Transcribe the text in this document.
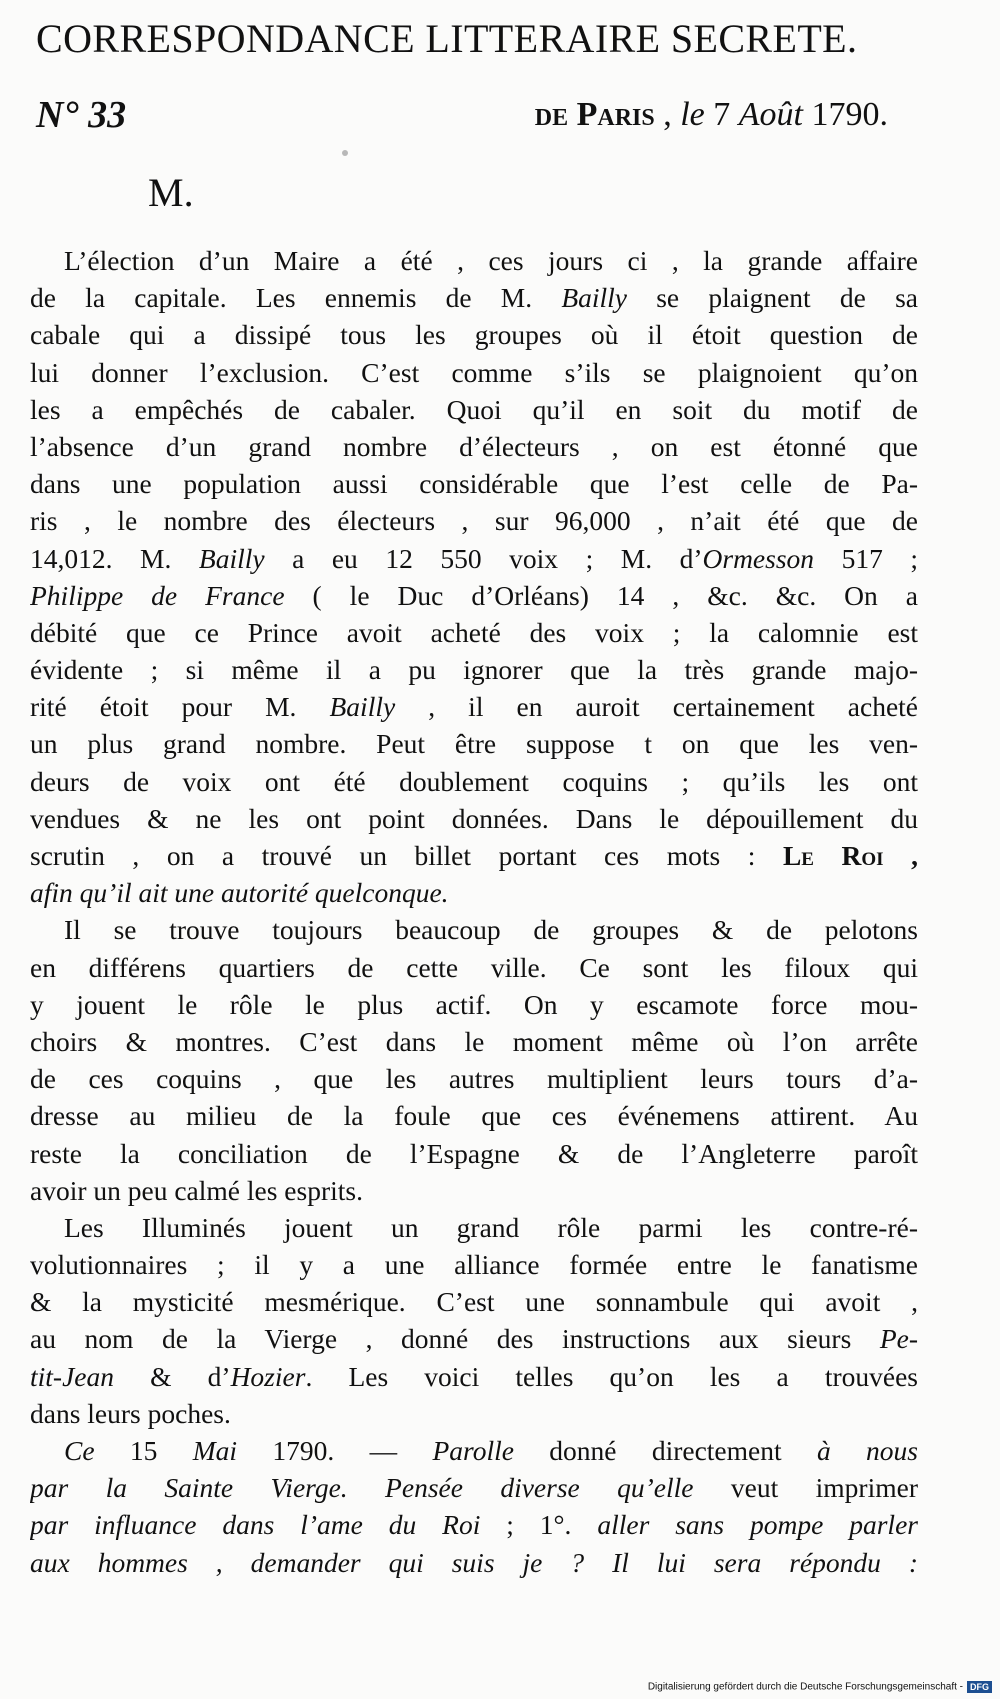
CORRESPONDANCE LITTERAIRE SECRETE.
N° 33	de Paris , le 7 Août 1790.
M.
L’élection d’un Maire a été , ces jours ci , la grande affaire
de la capitale. Les ennemis de M. Bailly se plaignent de sa
cabale qui a dissipé tous les groupes où il étoit question de
lui donner l’exclusion. C’est comme s’ils se plaignoient qu’on
les a empêchés de cabaler. Quoi qu’il en soit du motif de
l’absence d’un grand nombre d’électeurs , on est étonné que
dans une population aussi considérable que l’est celle de Pa-
ris , le nombre des électeurs , sur 96,000 , n’ait été que de
14,012. M. Bailly a eu 12 550 voix ; M. d’Ormesson 517 ;
Philippe de France ( le Duc d’Orléans) 14 , &c. &c. On a
débité que ce Prince avoit acheté des voix ; la calomnie est
évidente ; si même il a pu ignorer que la très grande majo-
rité étoit pour M. Bailly , il en auroit certainement acheté
un plus grand nombre. Peut être suppose t on que les ven-
deurs de voix ont été doublement coquins ; qu’ils les ont
vendues & ne les ont point données. Dans le dépouillement du
scrutin , on a trouvé un billet portant ces mots : Le Roi ,
afin qu’il ait une autorité quelconque.
Il se trouve toujours beaucoup de groupes & de pelotons
en différens quartiers de cette ville. Ce sont les filoux qui
y jouent le rôle le plus actif. On y escamote force mou-
choirs & montres. C’est dans le moment même où l’on arrête
de ces coquins , que les autres multiplient leurs tours d’a-
dresse au milieu de la foule que ces événemens attirent. Au
reste la conciliation de l’Espagne & de l’Angleterre paroît
avoir un peu calmé les esprits.
Les Illuminés jouent un grand rôle parmi les contre-ré-
volutionnaires ; il y a une alliance formée entre le fanatisme
& la mysticité mesmérique. C’est une sonnambule qui avoit ,
au nom de la Vierge , donné des instructions aux sieurs Pe-
tit-Jean & d’Hozier. Les voici telles qu’on les a trouvées
dans leurs poches.
Ce 15 Mai 1790. — Parolle donné directement à nous
par la Sainte Vierge. Pensée diverse qu’elle veut imprimer
par influance dans l’ame du Roi ; 1°. aller sans pompe parler
aux hommes , demander qui suis je ? Il lui sera répondu :
Digitalisierung gefördert durch die Deutsche Forschungsgemeinschaft - DFG
